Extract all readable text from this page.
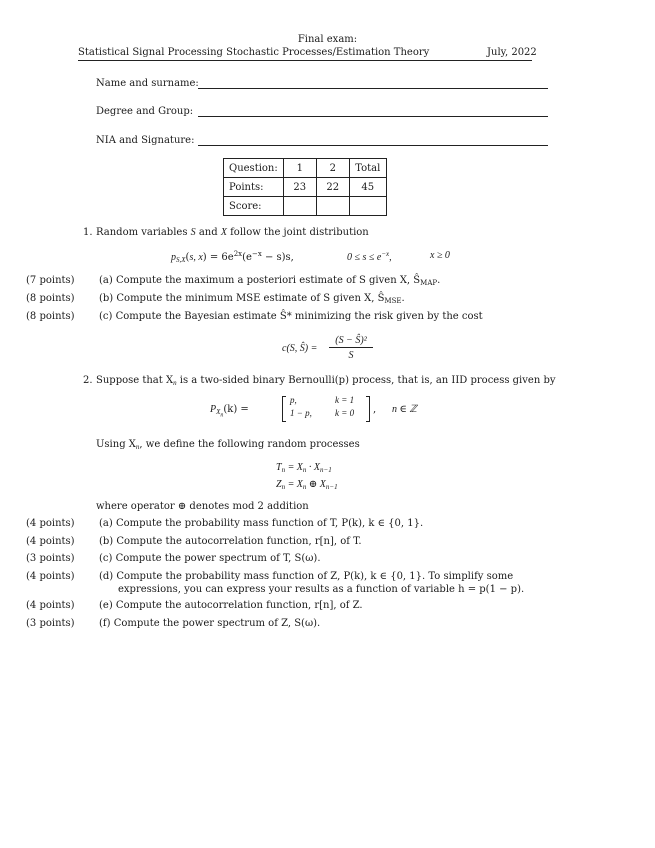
Final exam:
Statistical Signal Processing Stochastic Processes/Estimation Theory	July, 2022
Name and surname:
Degree and Group:
NIA and Signature:
Question:	1	2	Total
Points:	23	22	45
Score:			
1. Random variables S and X follow the joint distribution
$p_{S,X}(s$, $x) = 6e^{2x}(e^{-x} - s)s$,	$0 \le s \le e^{-x}$,	x ≥ 0
(7 points) (a) Compute the maximum a posteriori estimate of S given X, $Ŝ_{MAP}$.
(8 points) (b) Compute the minimum MSE estimate of S given X, $Ŝ_{MSE}$.
(8 points) (c) Compute the Bayesian estimate Ŝ* minimizing the risk given by the cost
c(S, Ŝ) =
(S − Ŝ)²
S
2. Suppose that $X_n$ is a two-sided binary Bernoulli(p) process, that is, an IID process given by
$P_{X_n}(k)$ =
p,	k = 1
1 − p,	k = 0 , n ∈ ℤ
Using $X_n$, we define the following random processes
$T_n = X_n \cdot X_{n-1}$
$Z_n = X_n$ ⊕ $X_{n-1}$
where operator ⊕ denotes mod 2 addition
(4 points) (a) Compute the probability mass function of T, P(k), k ∈ {0, 1}.
(4 points) (b) Compute the autocorrelation function, r[n], of T.
(3 points) (c) Compute the power spectrum of T, S(ω).
(4 points) (d) Compute the probability mass function of Z, P(k), k ∈ {0, 1}. To simplify some
expressions, you can express your results as a function of variable h = p(1 − p).
(4 points) (e) Compute the autocorrelation function, r[n], of Z.
(3 points) (f) Compute the power spectrum of Z, S(ω).
